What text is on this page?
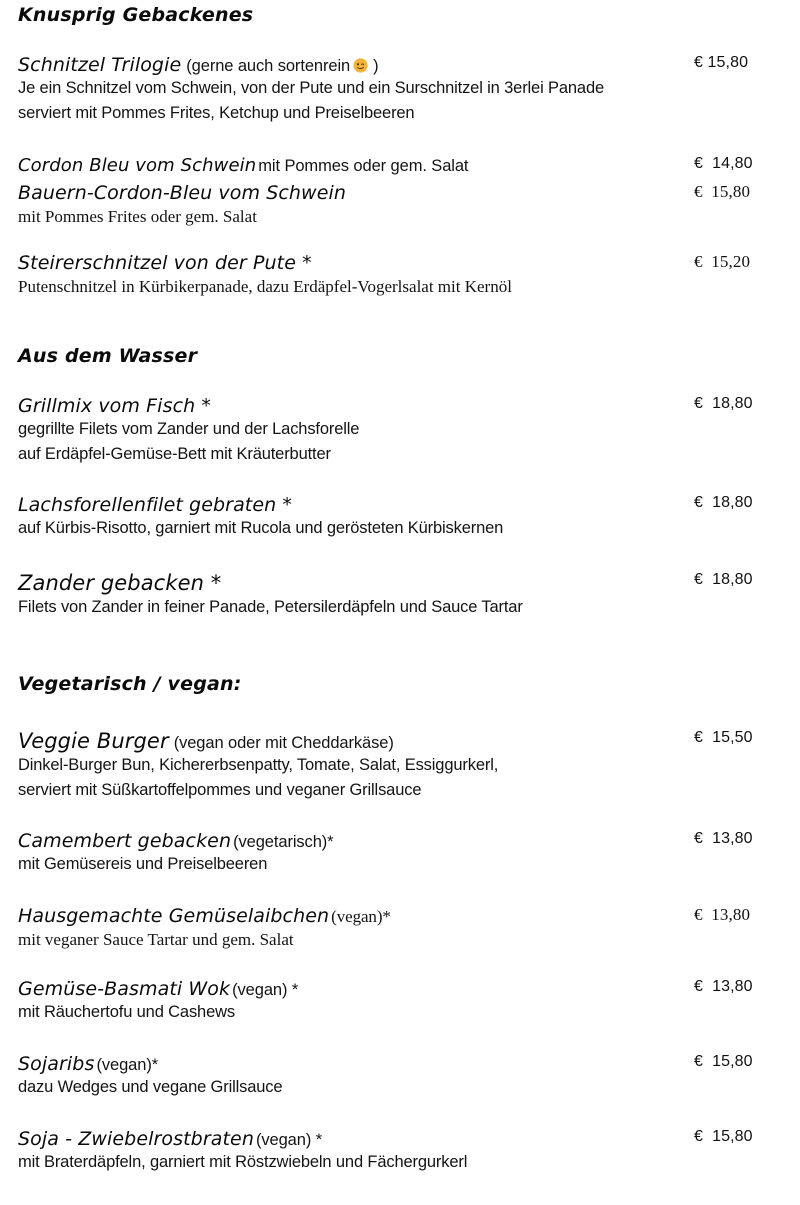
Knusprig Gebackenes
Schnitzel Trilogie (gerne auch sortenrein )	€ 15,80
Je ein Schnitzel vom Schwein, von der Pute und ein Surschnitzel in 3erlei Panade
serviert mit Pommes Frites, Ketchup und Preiselbeeren
Cordon Bleu vom Schwein mit Pommes oder gem. Salat	€  14,80
Bauern-Cordon-Bleu vom Schwein	€  15,80
mit Pommes Frites oder gem. Salat
Steirerschnitzel von der Pute *	€  15,20
Putenschnitzel in Kürbikerpanade, dazu Erdäpfel-Vogerlsalat mit Kernöl
Aus dem Wasser
Grillmix vom Fisch *	€  18,80
gegrillte Filets vom Zander und der Lachsforelle
auf Erdäpfel-Gemüse-Bett mit Kräuterbutter
Lachsforellenfilet gebraten *	€  18,80
auf Kürbis-Risotto, garniert mit Rucola und gerösteten Kürbiskernen
Zander gebacken *	€  18,80
Filets von Zander in feiner Panade, Petersilerdäpfeln und Sauce Tartar
Vegetarisch / vegan:
Veggie Burger (vegan oder mit Cheddarkäse)	€  15,50
Dinkel-Burger Bun, Kichererbsenpatty, Tomate, Salat, Essiggurkerl,
serviert mit Süßkartoffelpommes und veganer Grillsauce
Camembert gebacken (vegetarisch)*	€  13,80
mit Gemüsereis und Preiselbeeren
Hausgemachte Gemüselaibchen (vegan)*	€  13,80
mit veganer Sauce Tartar und gem. Salat
Gemüse-Basmati Wok (vegan) *	€  13,80
mit Räuchertofu und Cashews
Sojaribs (vegan)*	€  15,80
dazu Wedges und vegane Grillsauce
Soja - Zwiebelrostbraten (vegan) *	€  15,80
mit Braterdäpfeln, garniert mit Röstzwiebeln und Fächergurkerl
